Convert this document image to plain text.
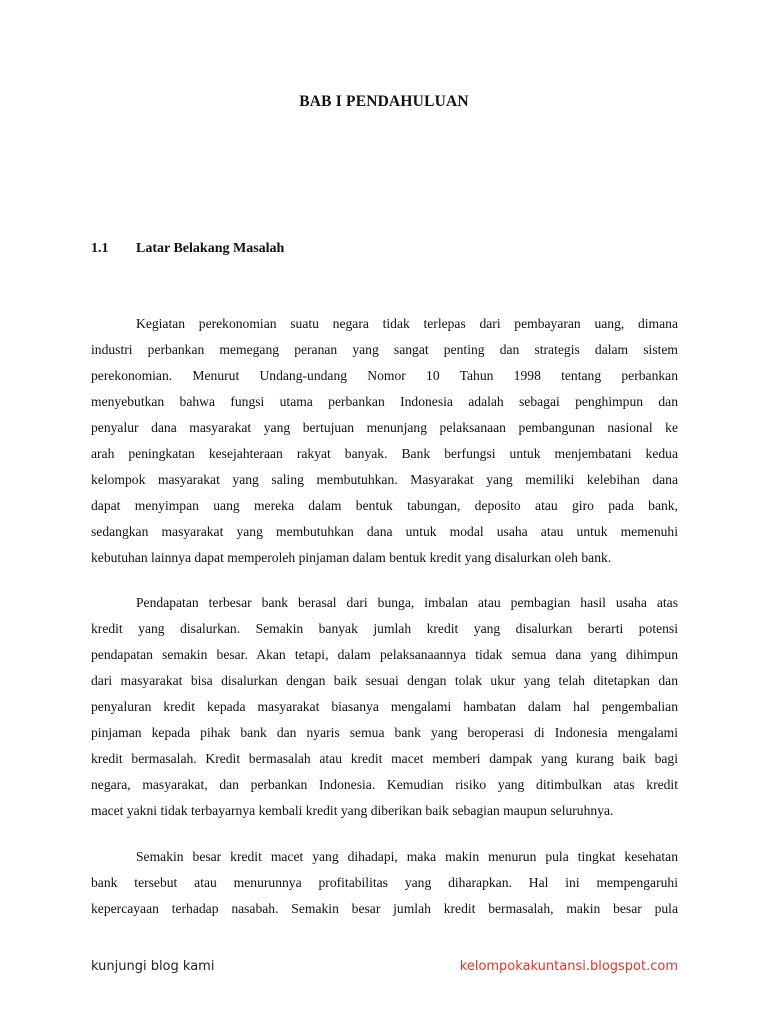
BAB I PENDAHULUAN
1.1 Latar Belakang Masalah

Kegiatan perekonomian suatu negara tidak terlepas dari pembayaran uang, dimana
industri perbankan memegang peranan yang sangat penting dan strategis dalam sistem
perekonomian. Menurut Undang-undang Nomor 10 Tahun 1998 tentang perbankan
menyebutkan bahwa fungsi utama perbankan Indonesia adalah sebagai penghimpun dan
penyalur dana masyarakat yang bertujuan menunjang pelaksanaan pembangunan nasional ke
arah peningkatan kesejahteraan rakyat banyak. Bank berfungsi untuk menjembatani kedua
kelompok masyarakat yang saling membutuhkan. Masyarakat yang memiliki kelebihan dana
dapat menyimpan uang mereka dalam bentuk tabungan, deposito atau giro pada bank,
sedangkan masyarakat yang membutuhkan dana untuk modal usaha atau untuk memenuhi
kebutuhan lainnya dapat memperoleh pinjaman dalam bentuk kredit yang disalurkan oleh bank.

Pendapatan terbesar bank berasal dari bunga, imbalan atau pembagian hasil usaha atas
kredit yang disalurkan. Semakin banyak jumlah kredit yang disalurkan berarti potensi
pendapatan semakin besar. Akan tetapi, dalam pelaksanaannya tidak semua dana yang dihimpun
dari masyarakat bisa disalurkan dengan baik sesuai dengan tolak ukur yang telah ditetapkan dan
penyaluran kredit kepada masyarakat biasanya mengalami hambatan dalam hal pengembalian
pinjaman kepada pihak bank dan nyaris semua bank yang beroperasi di Indonesia mengalami
kredit bermasalah. Kredit bermasalah atau kredit macet memberi dampak yang kurang baik bagi
negara, masyarakat, dan perbankan Indonesia. Kemudian risiko yang ditimbulkan atas kredit
macet yakni tidak terbayarnya kembali kredit yang diberikan baik sebagian maupun seluruhnya.

Semakin besar kredit macet yang dihadapi, maka makin menurun pula tingkat kesehatan
bank tersebut atau menurunnya profitabilitas yang diharapkan. Hal ini mempengaruhi
kepercayaan terhadap nasabah. Semakin besar jumlah kredit bermasalah, makin besar pula

kunjungi blog kami	kelompokakuntansi.blogspot.com
